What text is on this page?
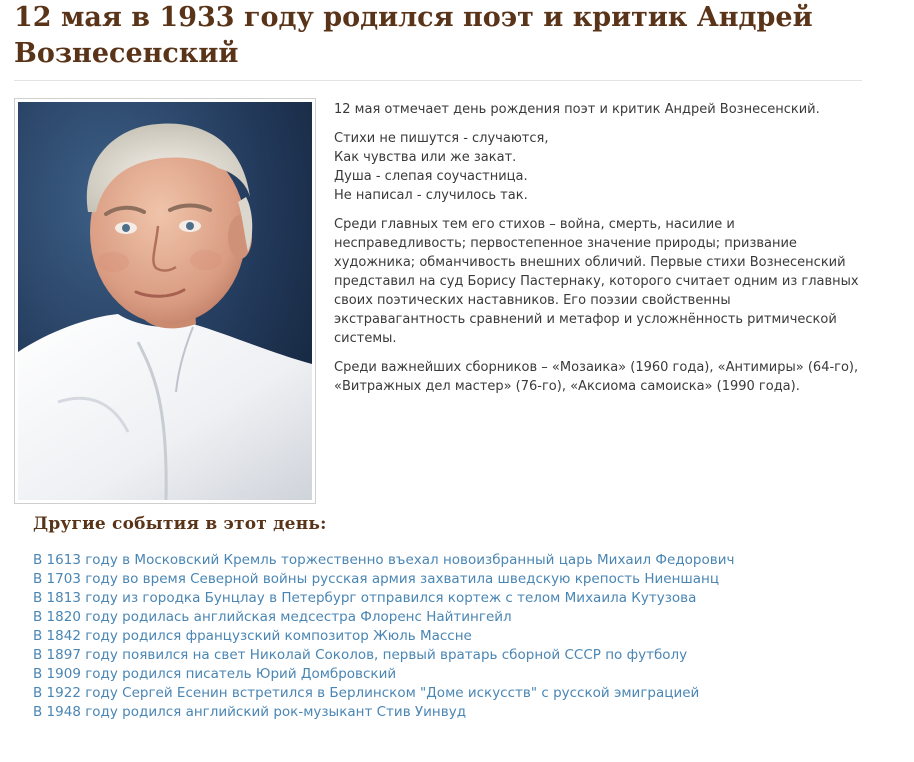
12 мая в 1933 году родился поэт и критик Андрей Вознесенский

12 мая отмечает день рождения поэт и критик Андрей Вознесенский.

Стихи не пишутся - случаются,
Как чувства или же закат.
Душа - слепая соучастница.
Не написал - случилось так.

Среди главных тем его стихов – война, смерть, насилие и несправедливость; первостепенное значение природы; призвание художника; обманчивость внешних обличий. Первые стихи Вознесенский представил на суд Борису Пастернаку, которого считает одним из главных своих поэтических наставников. Его поэзии свойственны экстравагантность сравнений и метафор и усложнённость ритмической системы.

Среди важнейших сборников – «Мозаика» (1960 года), «Антимиры» (64-го), «Витражных дел мастер» (76-го), «Аксиома самоиска» (1990 года).

Другие события в этот день:
В 1613 году в Московский Кремль торжественно въехал новоизбранный царь Михаил Федорович
В 1703 году во время Северной войны русская армия захватила шведскую крепость Ниеншанц
В 1813 году из городка Бунцлау в Петербург отправился кортеж с телом Михаила Кутузова
В 1820 году родилась английская медсестра Флоренс Найтингейл
В 1842 году родился французский композитор Жюль Массне
В 1897 году появился на свет Николай Соколов, первый вратарь сборной СССР по футболу
В 1909 году родился писатель Юрий Домбровский
В 1922 году Сергей Есенин встретился в Берлинском "Доме искусств" с русской эмиграцией
В 1948 году родился английский рок-музыкант Стив Уинвуд
